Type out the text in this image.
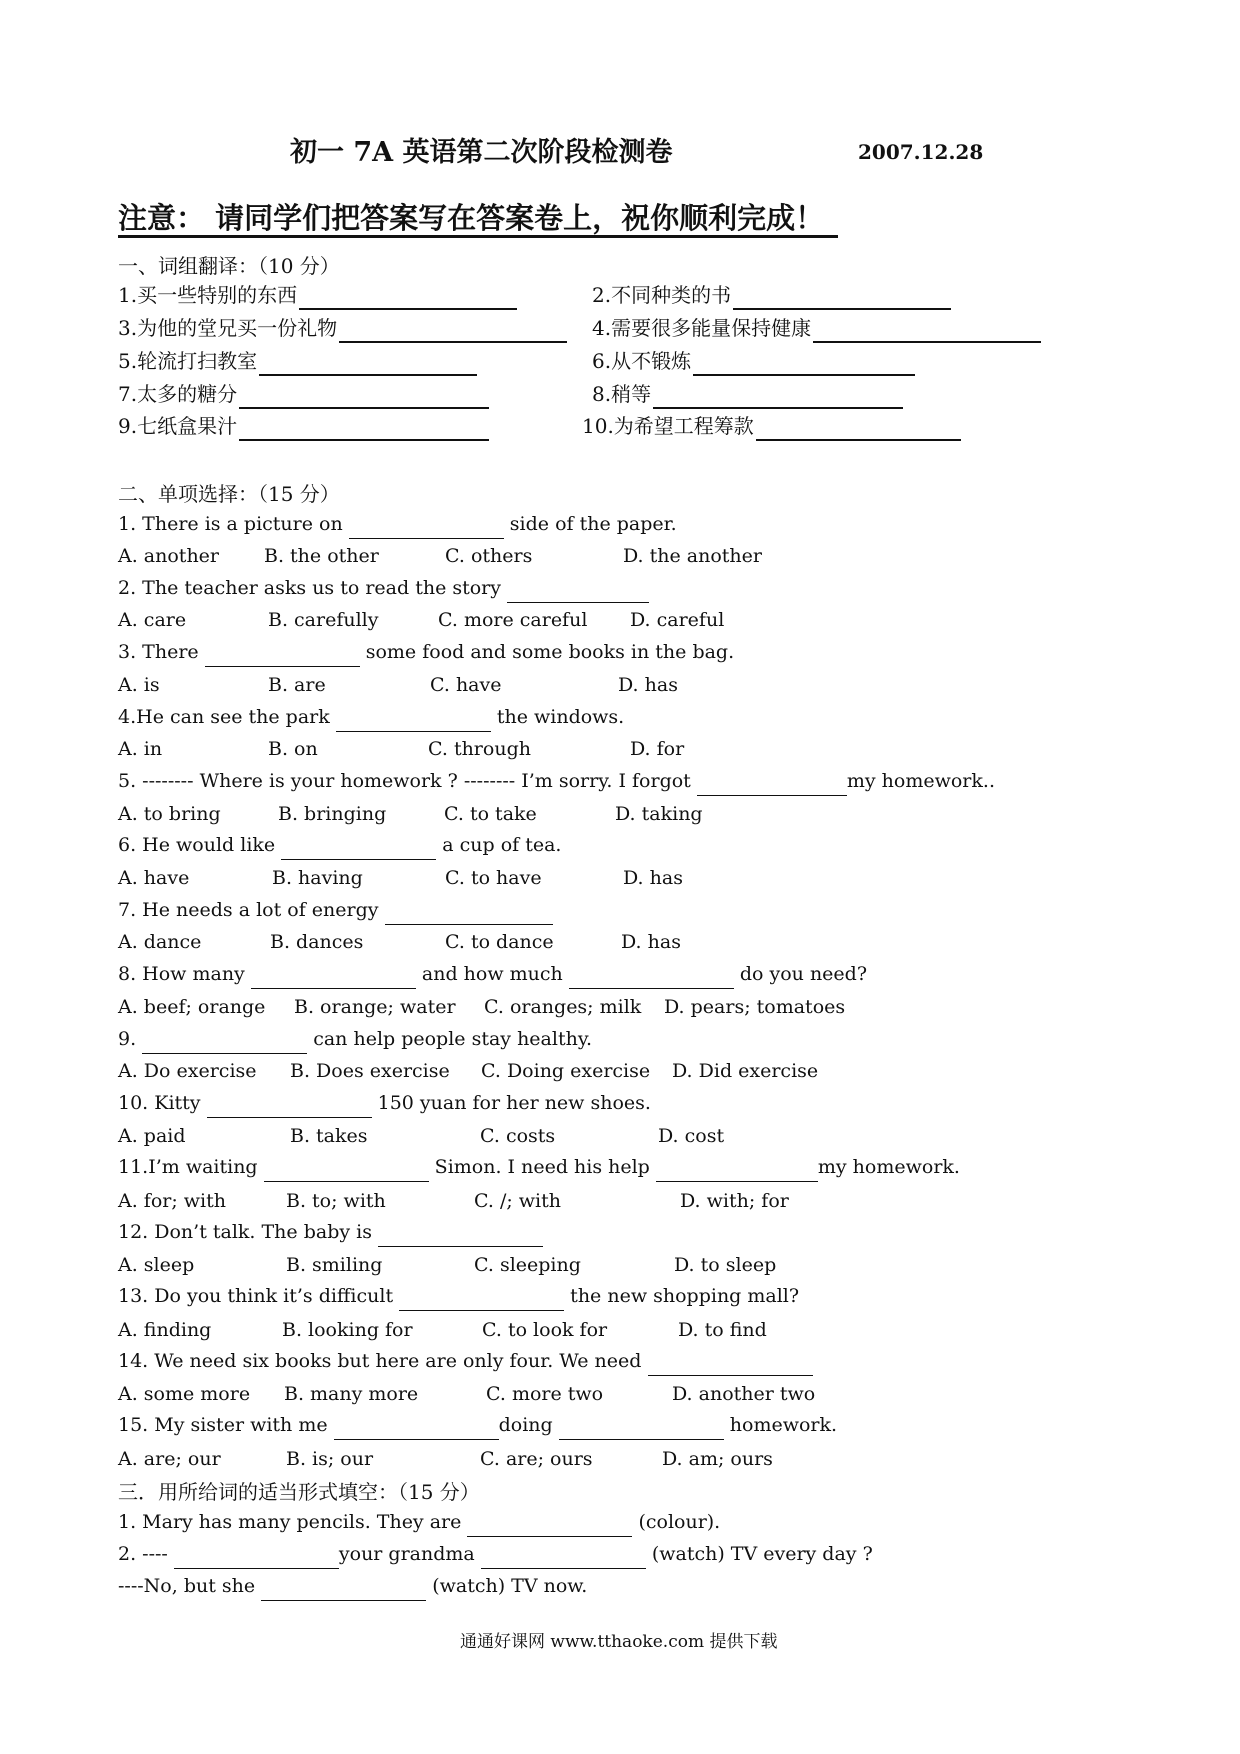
初一 7A 英语第二次阶段检测卷	2007.12.28
注意： 请同学们把答案写在答案卷上，祝你顺利完成！
一、词组翻译：（10 分）
1.买一些特别的东西	2.不同种类的书
3.为他的堂兄买一份礼物	4.需要很多能量保持健康
5.轮流打扫教室	6.从不锻炼
7.太多的糖分	8.稍等
9.七纸盒果汁	10.为希望工程筹款
二、单项选择：（15 分）
1. There is a picture on	side of the paper.
A. another B. the other	C. others	D. the another
2. The teacher asks us to read the story
A. care	B. carefully	C. more careful D. careful
3. There	some food and some books in the bag.
A. is	B. are	C. have	D. has
4.He can see the park	the windows.
A. in	B. on	C. through	D. for
5. -------- Where is your homework ? -------- I’m sorry. I forgot	my homework..
A. to bring	B. bringing	C. to take	D. taking
6. He would like	a cup of tea.
A. have	B. having	C. to have	D. has
7. He needs a lot of energy
A. dance	B. dances	C. to dance	D. has
8. How many	and how much	do you need?
A. beef; orange B. orange; water C. oranges; milk D. pears; tomatoes
9.	can help people stay healthy.
A. Do exercise B. Does exercise C. Doing exercise D. Did exercise
10. Kitty	150 yuan for her new shoes.
A. paid	B. takes	C. costs	D. cost
11.I’m waiting	Simon. I need his help	my homework.
A. for; with	B. to; with	C. /; with	D. with; for
12. Don’t talk. The baby is
A. sleep	B. smiling	C. sleeping	D. to sleep
13. Do you think it’s difficult	the new shopping mall?
A. finding	B. looking for	C. to look for	D. to find
14. We need six books but here are only four. We need
A. some more B. many more	C. more two	D. another two
15. My sister with me	doing	homework.
A. are; our	B. is; our	C. are; ours	D. am; ours
三．用所给词的适当形式填空：（15 分）
1. Mary has many pencils. They are	(colour).
2. ----	your grandma	(watch) TV every day ?
----No, but she	(watch) TV now.
通通好课网 www.tthaoke.com 提供下载
